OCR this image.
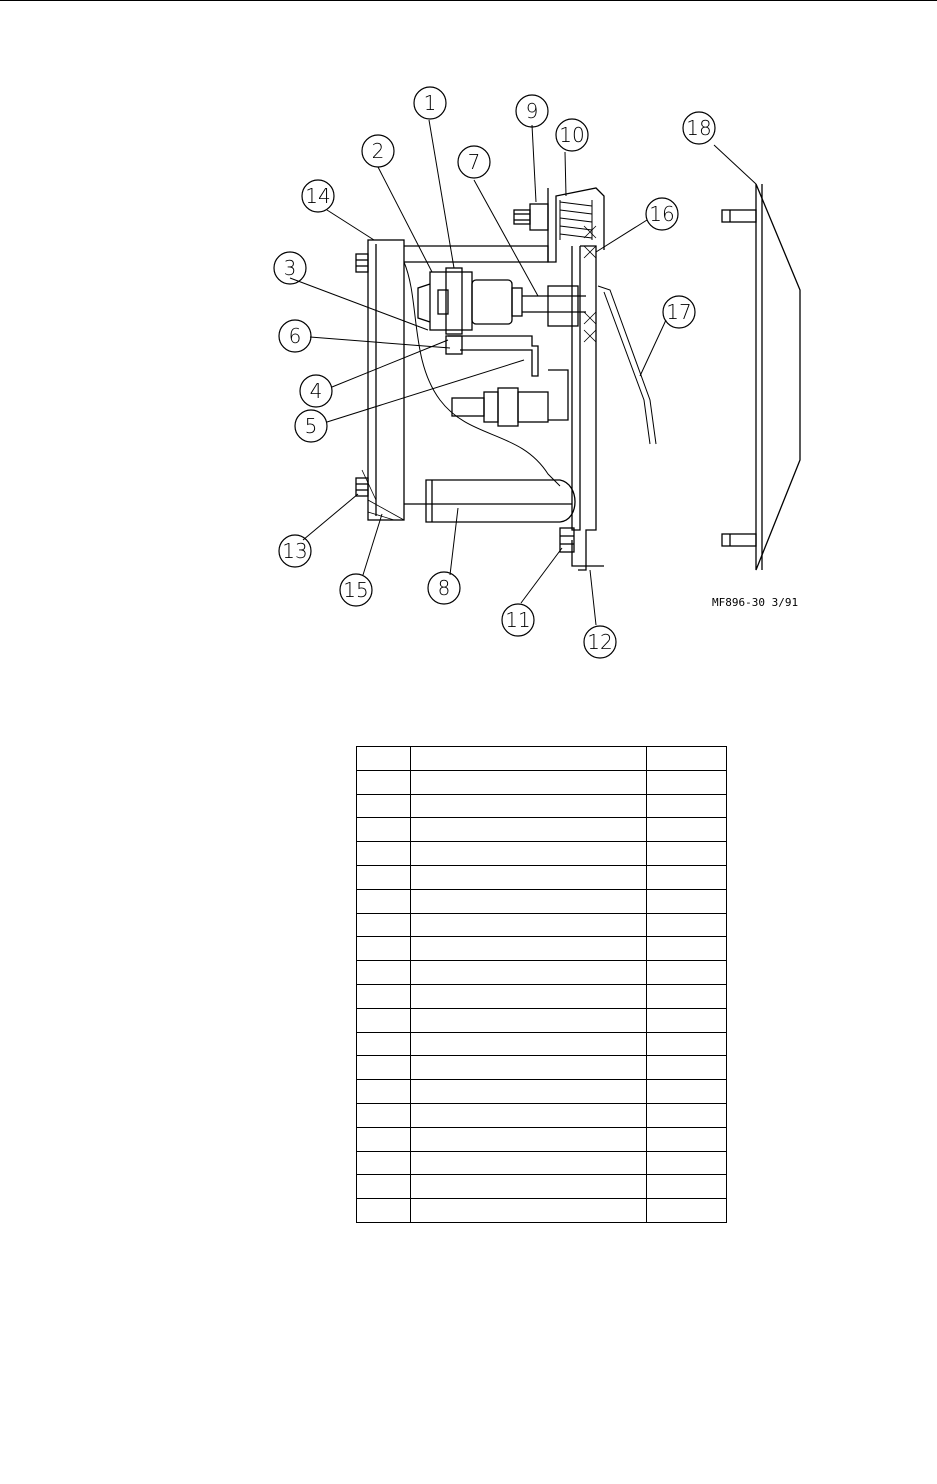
1
2
3
4
5
6
7
8
9
10
11
12
13
14
15
16
17
18
MF896-30 3/91
